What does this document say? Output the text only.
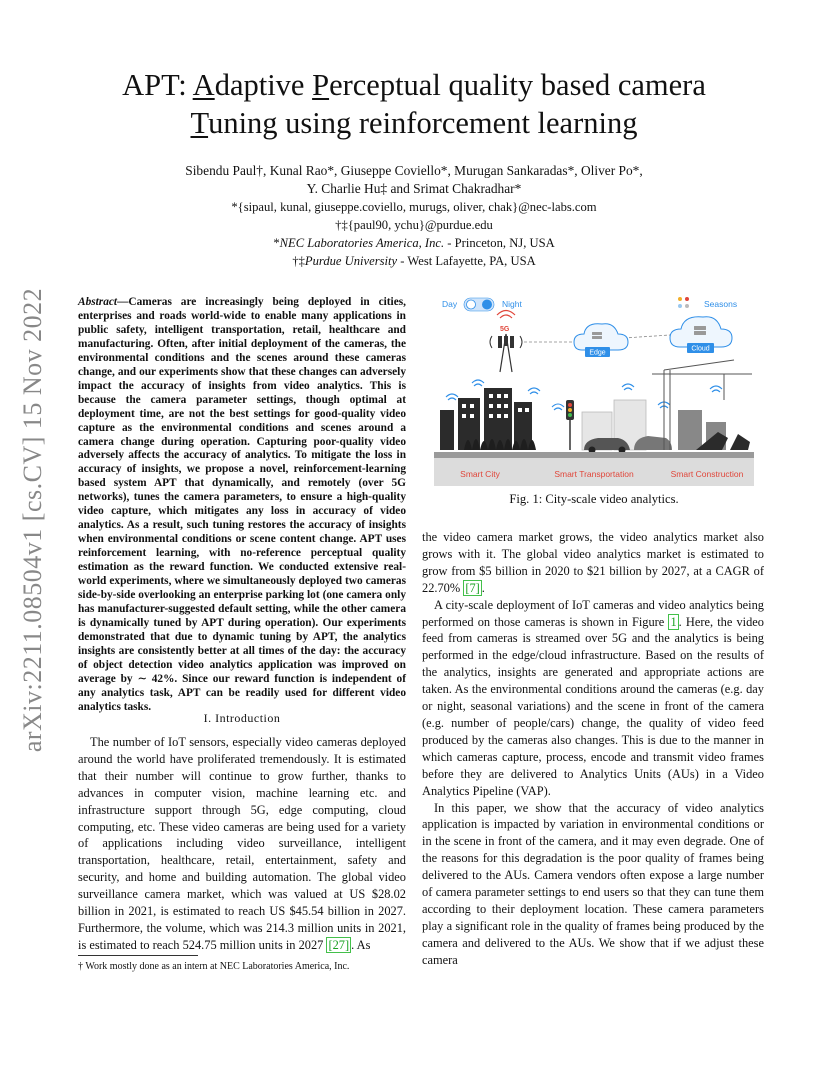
arXiv:2211.08504v1 [cs.CV] 15 Nov 2022
APT: Adaptive Perceptual quality based camera
Tuning using reinforcement learning
Sibendu Paul†, Kunal Rao*, Giuseppe Coviello*, Murugan Sankaradas*, Oliver Po*,
Y. Charlie Hu‡ and Srimat Chakradhar*
*{sipaul, kunal, giuseppe.coviello, murugs, oliver, chak}@nec-labs.com
†‡{paul90, ychu}@purdue.edu
*NEC Laboratories America, Inc. - Princeton, NJ, USA
†‡Purdue University - West Lafayette, PA, USA
Abstract—Cameras are increasingly being deployed in cities, enterprises and roads world-wide to enable many applications in public safety, intelligent transportation, retail, healthcare and manufacturing. Often, after initial deployment of the cameras, the environmental conditions and the scenes around these cameras change, and our experiments show that these changes can adversely impact the accuracy of insights from video analytics. This is because the camera parameter settings, though optimal at deployment time, are not the best settings for good-quality video capture as the environmental conditions and scenes around a camera change during operation. Capturing poor-quality video adversely affects the accuracy of analytics. To mitigate the loss in accuracy of insights, we propose a novel, reinforcement-learning based system APT that dynamically, and remotely (over 5G networks), tunes the camera parameters, to ensure a high-quality video capture, which mitigates any loss in accuracy of video analytics. As a result, such tuning restores the accuracy of insights when environmental conditions or scene content change. APT uses reinforcement learning, with no-reference perceptual quality estimation as the reward function. We conducted extensive real-world experiments, where we simultaneously deployed two cameras side-by-side overlooking an enterprise parking lot (one camera only has manufacturer-suggested default setting, while the other camera is dynamically tuned by APT during operation). Our experiments demonstrated that due to dynamic tuning by APT, the analytics insights are consistently better at all times of the day: the accuracy of object detection video analytics application was improved on average by ∼ 42%. Since our reward function is independent of any analytics task, APT can be readily used for different video analytics tasks.
I. Introduction

The number of IoT sensors, especially video cameras deployed around the world have proliferated tremendously. It is estimated that their number will continue to grow further, thanks to advances in computer vision, machine learning etc. and infrastructure support through 5G, edge computing, cloud computing, etc. These video cameras are being used for a variety of applications including video surveillance, intelligent transportation, healthcare, retail, entertainment, safety and security, and home and building automation. The global video surveillance camera market, which was valued at US $28.02 billion in 2021, is estimated to reach US $45.54 billion in 2027. Furthermore, the volume, which was 214.3 million units in 2021, is estimated to reach 524.75 million units in 2027 [27] . As

† Work mostly done as an intern at NEC Laboratories America, Inc.
Day	Night	Seasons
5G
Edge
Cloud
Smart City	Smart Transportation	Smart Construction
Fig. 1: City-scale video analytics.

the video camera market grows, the video analytics market also grows with it. The global video analytics market is estimated to grow from $5 billion in 2020 to $21 billion by 2027, at a CAGR of 22.70% [7] .

A city-scale deployment of IoT cameras and video analytics being performed on those cameras is shown in Figure 1 . Here, the video feed from cameras is streamed over 5G and the analytics is being performed in the edge/cloud infrastructure. Based on the results of the analytics, insights are generated and appropriate actions are taken. As the environmental conditions around the cameras (e.g. day or night, seasonal variations) and the scene in front of the camera (e.g. number of people/cars) change, the quality of video feed produced by the cameras also changes. This is due to the manner in which cameras capture, process, encode and transmit video frames before they are delivered to Analytics Units (AUs) in a Video Analytics Pipeline (VAP).

In this paper, we show that the accuracy of video analytics application is impacted by variation in environmental conditions or in the scene in front of the camera, and it may even degrade. One of the reasons for this degradation is the poor quality of frames being delivered to the AUs. Camera vendors often expose a large number of camera parameter settings to end users so that they can tune them according to their deployment location. These camera parameters play a significant role in the quality of frames being produced by the camera and delivered to the AUs. We show that if we adjust these camera
